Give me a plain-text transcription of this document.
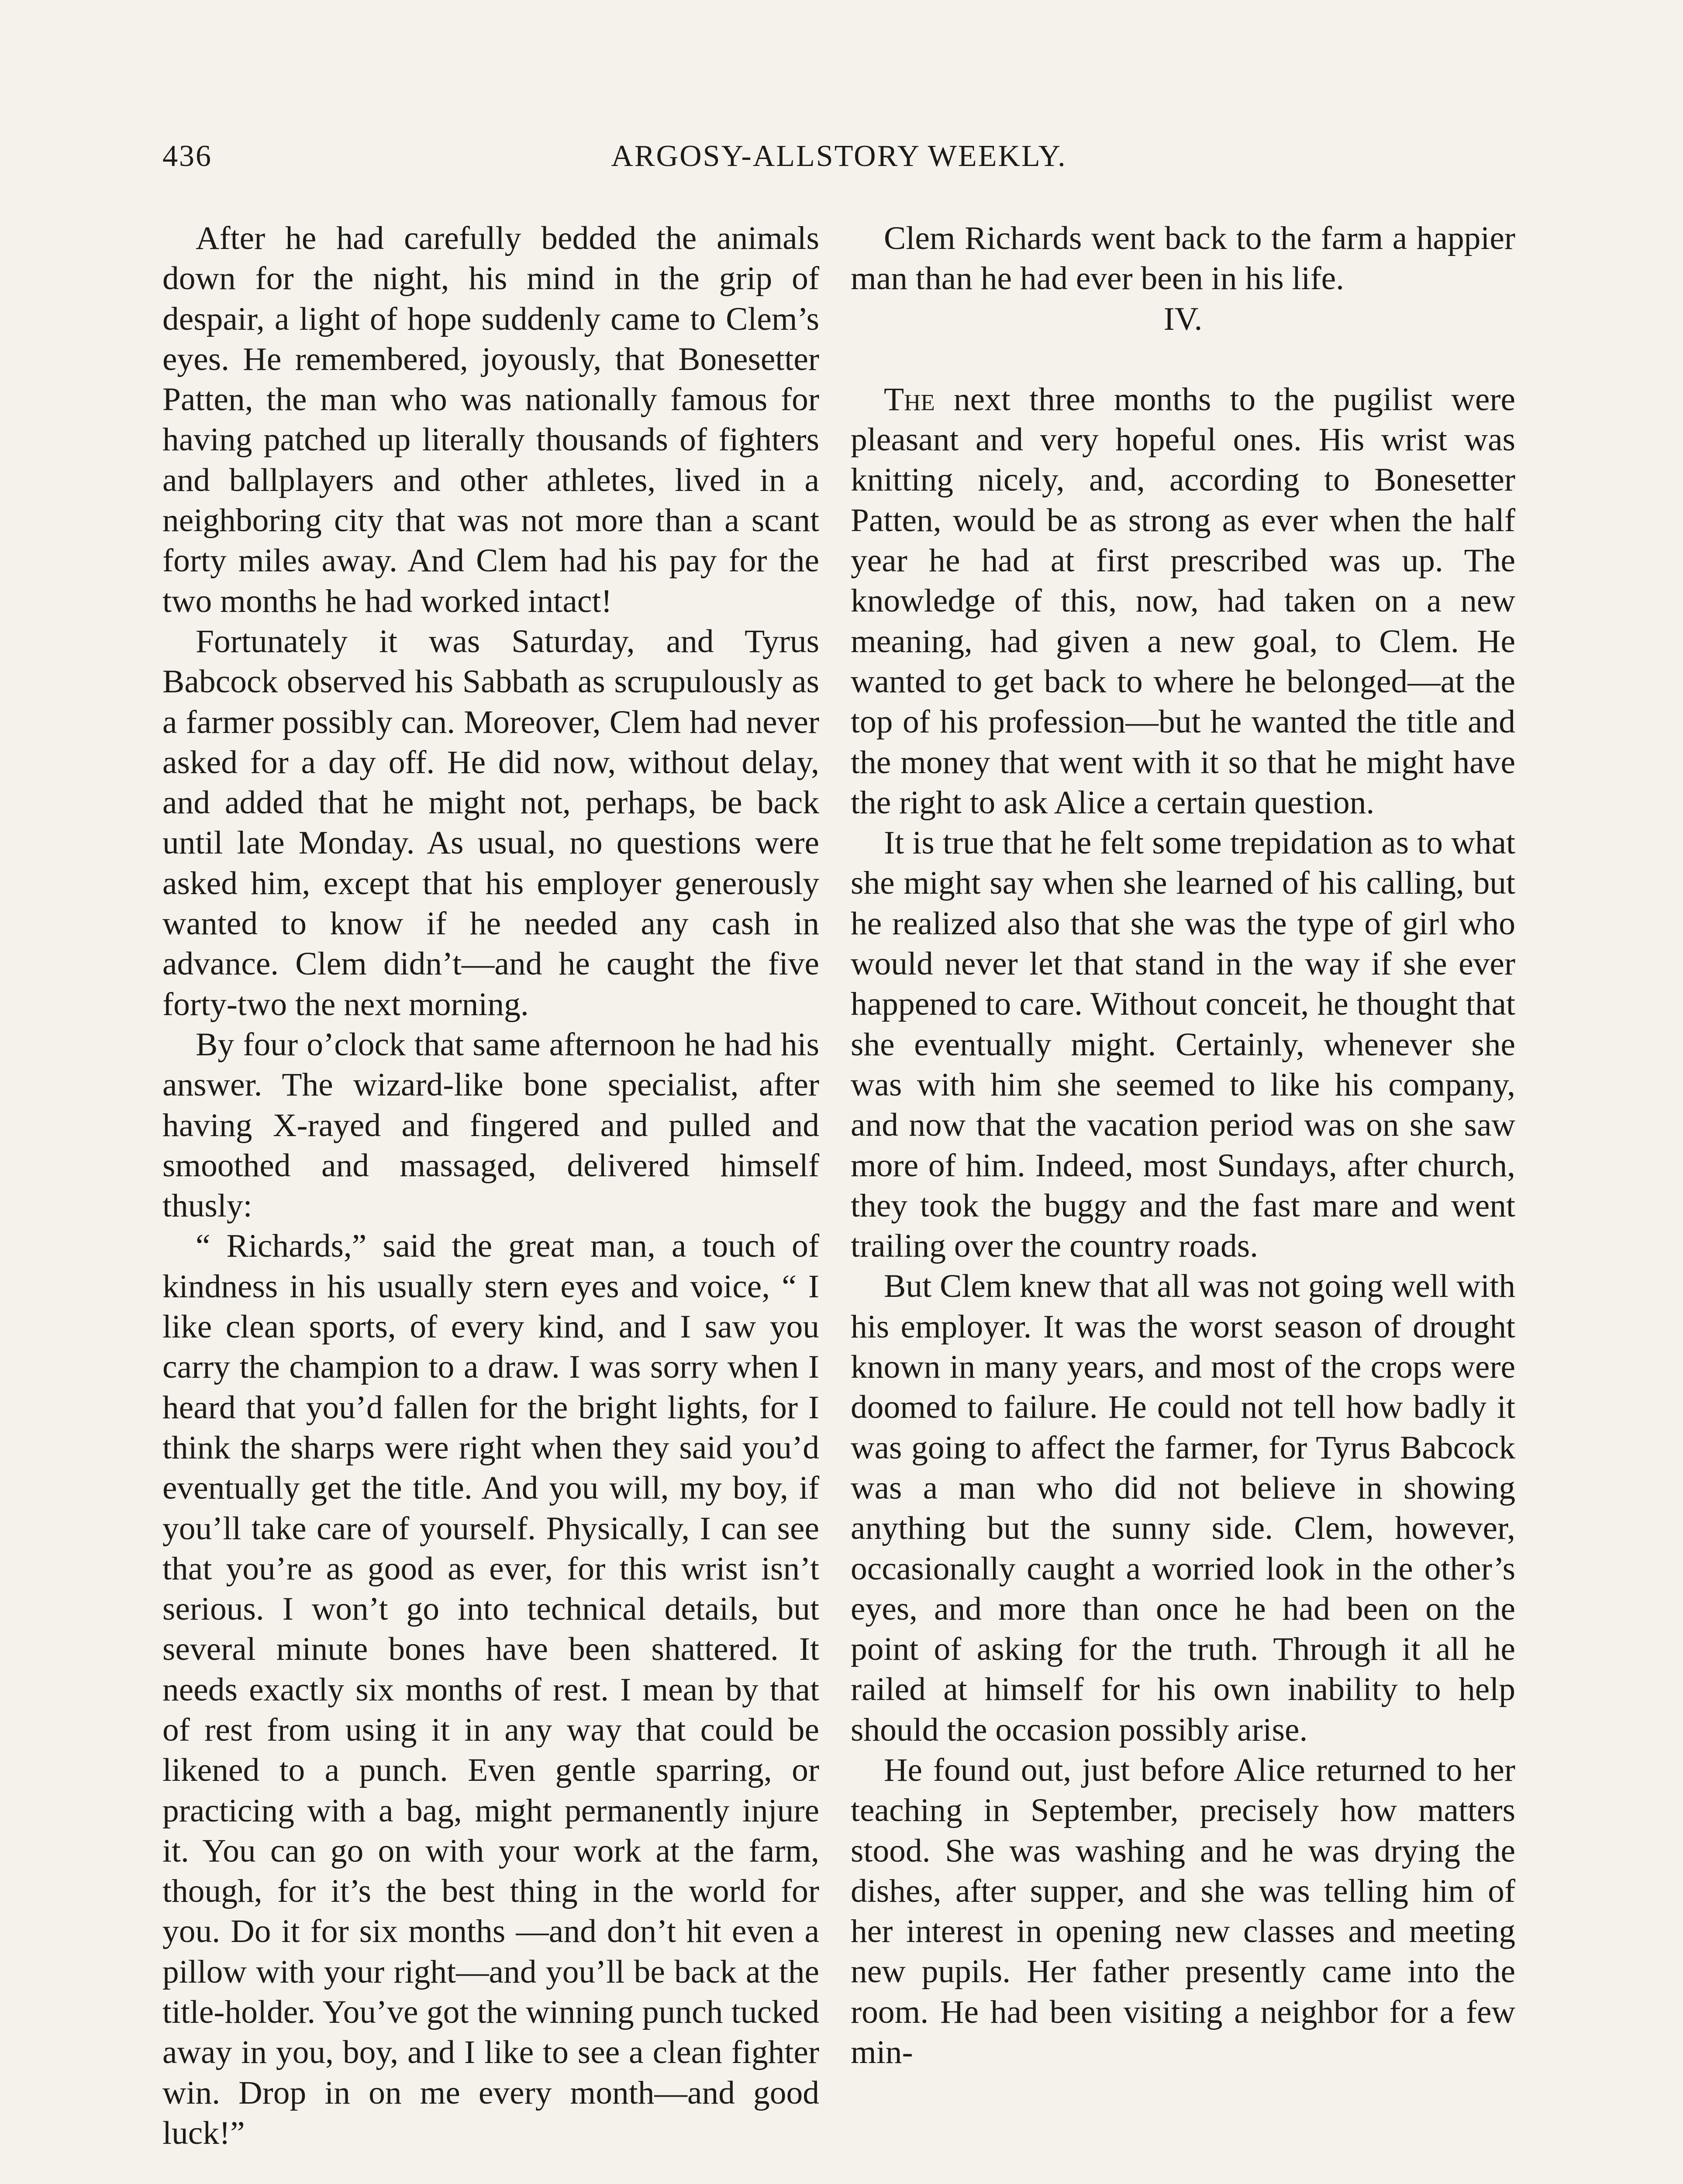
436	ARGOSY-ALLSTORY WEEKLY.

After he had carefully bedded the animals down for the night, his mind in the grip of despair, a light of hope suddenly came to Clem’s eyes. He remembered, joyously, that Bonesetter Patten, the man who was nationally famous for having patched up literally thousands of fighters and ballplayers and other athletes, lived in a neighboring city that was not more than a scant forty miles away. And Clem had his pay for the two months he had worked intact!

Fortunately it was Saturday, and Tyrus Babcock observed his Sabbath as scrupulously as a farmer possibly can. Moreover, Clem had never asked for a day off. He did now, without delay, and added that he might not, perhaps, be back until late Monday. As usual, no questions were asked him, except that his employer generously wanted to know if he needed any cash in advance. Clem didn’t—and he caught the five forty-two the next morning.

By four o’clock that same afternoon he had his answer. The wizard-like bone specialist, after having X-rayed and fingered and pulled and smoothed and massaged, delivered himself thusly:

“ Richards,” said the great man, a touch of kindness in his usually stern eyes and voice, “ I like clean sports, of every kind, and I saw you carry the champion to a draw. I was sorry when I heard that you’d fallen for the bright lights, for I think the sharps were right when they said you’d eventually get the title. And you will, my boy, if you’ll take care of yourself. Physically, I can see that you’re as good as ever, for this wrist isn’t serious. I won’t go into technical details, but several minute bones have been shattered. It needs exactly six months of rest. I mean by that of rest from using it in any way that could be likened to a punch. Even gentle sparring, or practicing with a bag, might permanently injure it. You can go on with your work at the farm, though, for it’s the best thing in the world for you. Do it for six months —and don’t hit even a pillow with your right—and you’ll be back at the title-holder. You’ve got the winning punch tucked away in you, boy, and I like to see a clean fighter win. Drop in on me every month—and good luck!”

Clem Richards went back to the farm a happier man than he had ever been in his life.

IV.

The next three months to the pugilist were pleasant and very hopeful ones. His wrist was knitting nicely, and, according to Bonesetter Patten, would be as strong as ever when the half year he had at first prescribed was up. The knowledge of this, now, had taken on a new meaning, had given a new goal, to Clem. He wanted to get back to where he belonged—at the top of his profession—but he wanted the title and the money that went with it so that he might have the right to ask Alice a certain question.

It is true that he felt some trepidation as to what she might say when she learned of his calling, but he realized also that she was the type of girl who would never let that stand in the way if she ever happened to care. Without conceit, he thought that she eventually might. Certainly, whenever she was with him she seemed to like his company, and now that the vacation period was on she saw more of him. Indeed, most Sundays, after church, they took the buggy and the fast mare and went trailing over the country roads.

But Clem knew that all was not going well with his employer. It was the worst season of drought known in many years, and most of the crops were doomed to failure. He could not tell how badly it was going to affect the farmer, for Tyrus Babcock was a man who did not believe in showing anything but the sunny side. Clem, however, occasionally caught a worried look in the other’s eyes, and more than once he had been on the point of asking for the truth. Through it all he railed at himself for his own inability to help should the occasion possibly arise.

He found out, just before Alice returned to her teaching in September, precisely how matters stood. She was washing and he was drying the dishes, after supper, and she was telling him of her interest in opening new classes and meeting new pupils. Her father presently came into the room. He had been visiting a neighbor for a few min-
